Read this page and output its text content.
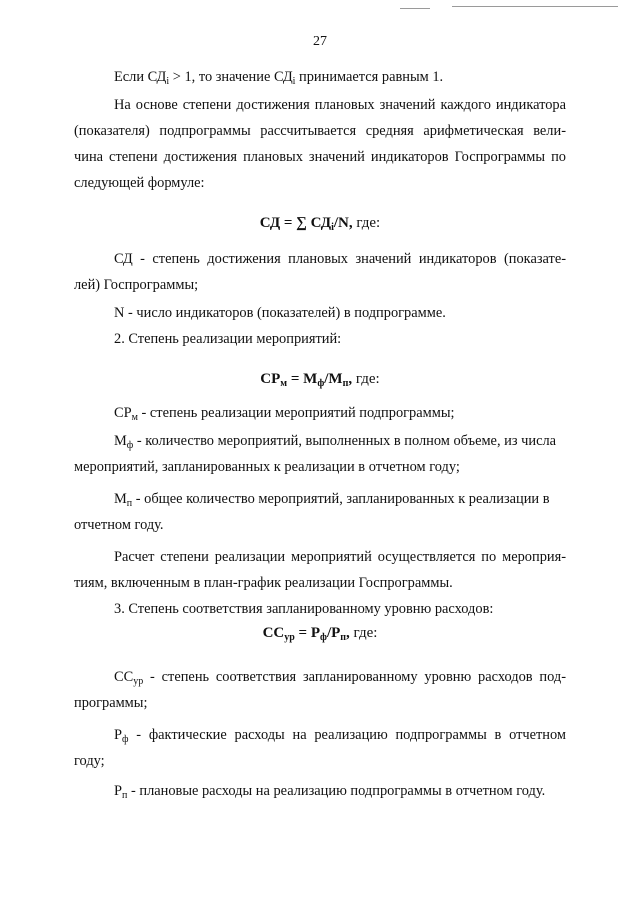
27
Если $СД_i > 1$, то значение $СД_i$ принимается равным 1.
На основе степени достижения плановых значений каждого индикатора
(показателя) подпрограммы рассчитывается средняя арифметическая вели-
чина степени достижения плановых значений индикаторов Госпрограммы по
следующей формуле:
СД = ∑ $СД_i/N$, где:
СД - степень достижения плановых значений индикаторов (показате-
лей) Госпрограммы;
N - число индикаторов (показателей) в подпрограмме.
2. Степень реализации мероприятий:
$СР_м = М_ф/М_п$, где:
$СР_м$ - степень реализации мероприятий подпрограммы;
$М_ф$ - количество мероприятий, выполненных в полном объеме, из числа
мероприятий, запланированных к реализации в отчетном году;
$М_п$ - общее количество мероприятий, запланированных к реализации в
отчетном году.
Расчет степени реализации мероприятий осуществляется по мероприя-
тиям, включенным в план-график реализации Госпрограммы.
3. Степень соответствия запланированному уровню расходов:
$СС_{ур} = Р_ф/Р_п$, где:
$СС_{ур}$ - степень соответствия запланированному уровню расходов под-
программы;
$Р_ф$ - фактические расходы на реализацию подпрограммы в отчетном
году;
$Р_п$ - плановые расходы на реализацию подпрограммы в отчетном году.
